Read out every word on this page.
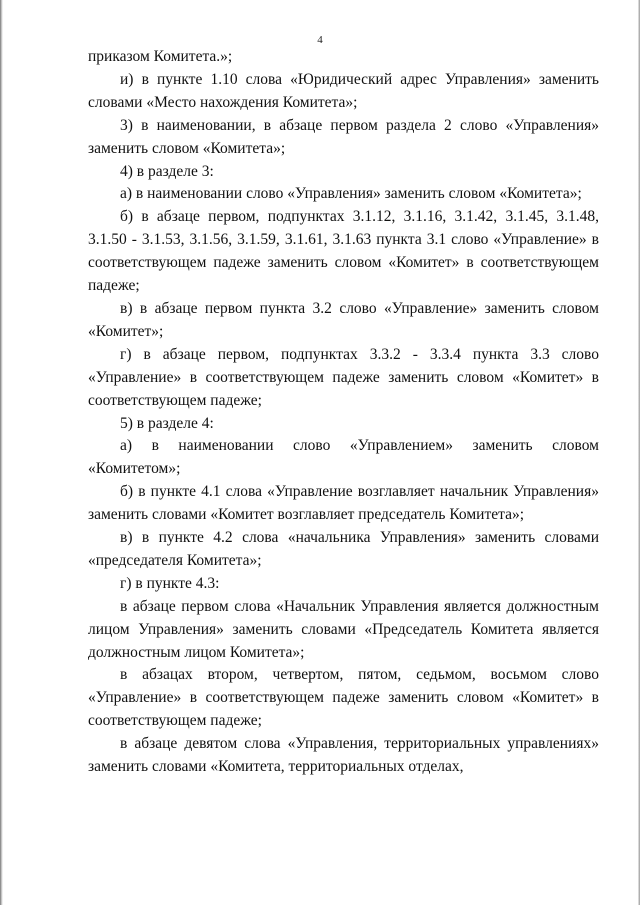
4

приказом Комитета.»;

и) в пункте 1.10 слова «Юридический адрес Управления» заменить словами «Место нахождения Комитета»;

3) в наименовании, в абзаце первом раздела 2 слово «Управления» заменить словом «Комитета»;

4) в разделе 3:

а) в наименовании слово «Управления» заменить словом «Комитета»;

б) в абзаце первом, подпунктах 3.1.12, 3.1.16, 3.1.42, 3.1.45, 3.1.48, 3.1.50 - 3.1.53, 3.1.56, 3.1.59, 3.1.61, 3.1.63 пункта 3.1 слово «Управление» в соответствующем падеже заменить словом «Комитет» в соответствующем падеже;

в) в абзаце первом пункта 3.2 слово «Управление» заменить словом «Комитет»;

г) в абзаце первом, подпунктах 3.3.2 - 3.3.4 пункта 3.3 слово «Управление» в соответствующем падеже заменить словом «Комитет» в соответствующем падеже;

5) в разделе 4:

а) в наименовании слово «Управлением» заменить словом «Комитетом»;

б) в пункте 4.1 слова «Управление возглавляет начальник Управления» заменить словами «Комитет возглавляет председатель Комитета»;

в) в пункте 4.2 слова «начальника Управления» заменить словами «председателя Комитета»;

г) в пункте 4.3:

в абзаце первом слова «Начальник Управления является должностным лицом Управления» заменить словами «Председатель Комитета является должностным лицом Комитета»;

в абзацах втором, четвертом, пятом, седьмом, восьмом слово «Управление» в соответствующем падеже заменить словом «Комитет» в соответствующем падеже;

в абзаце девятом слова «Управления, территориальных управлениях» заменить словами «Комитета, территориальных отделах,
